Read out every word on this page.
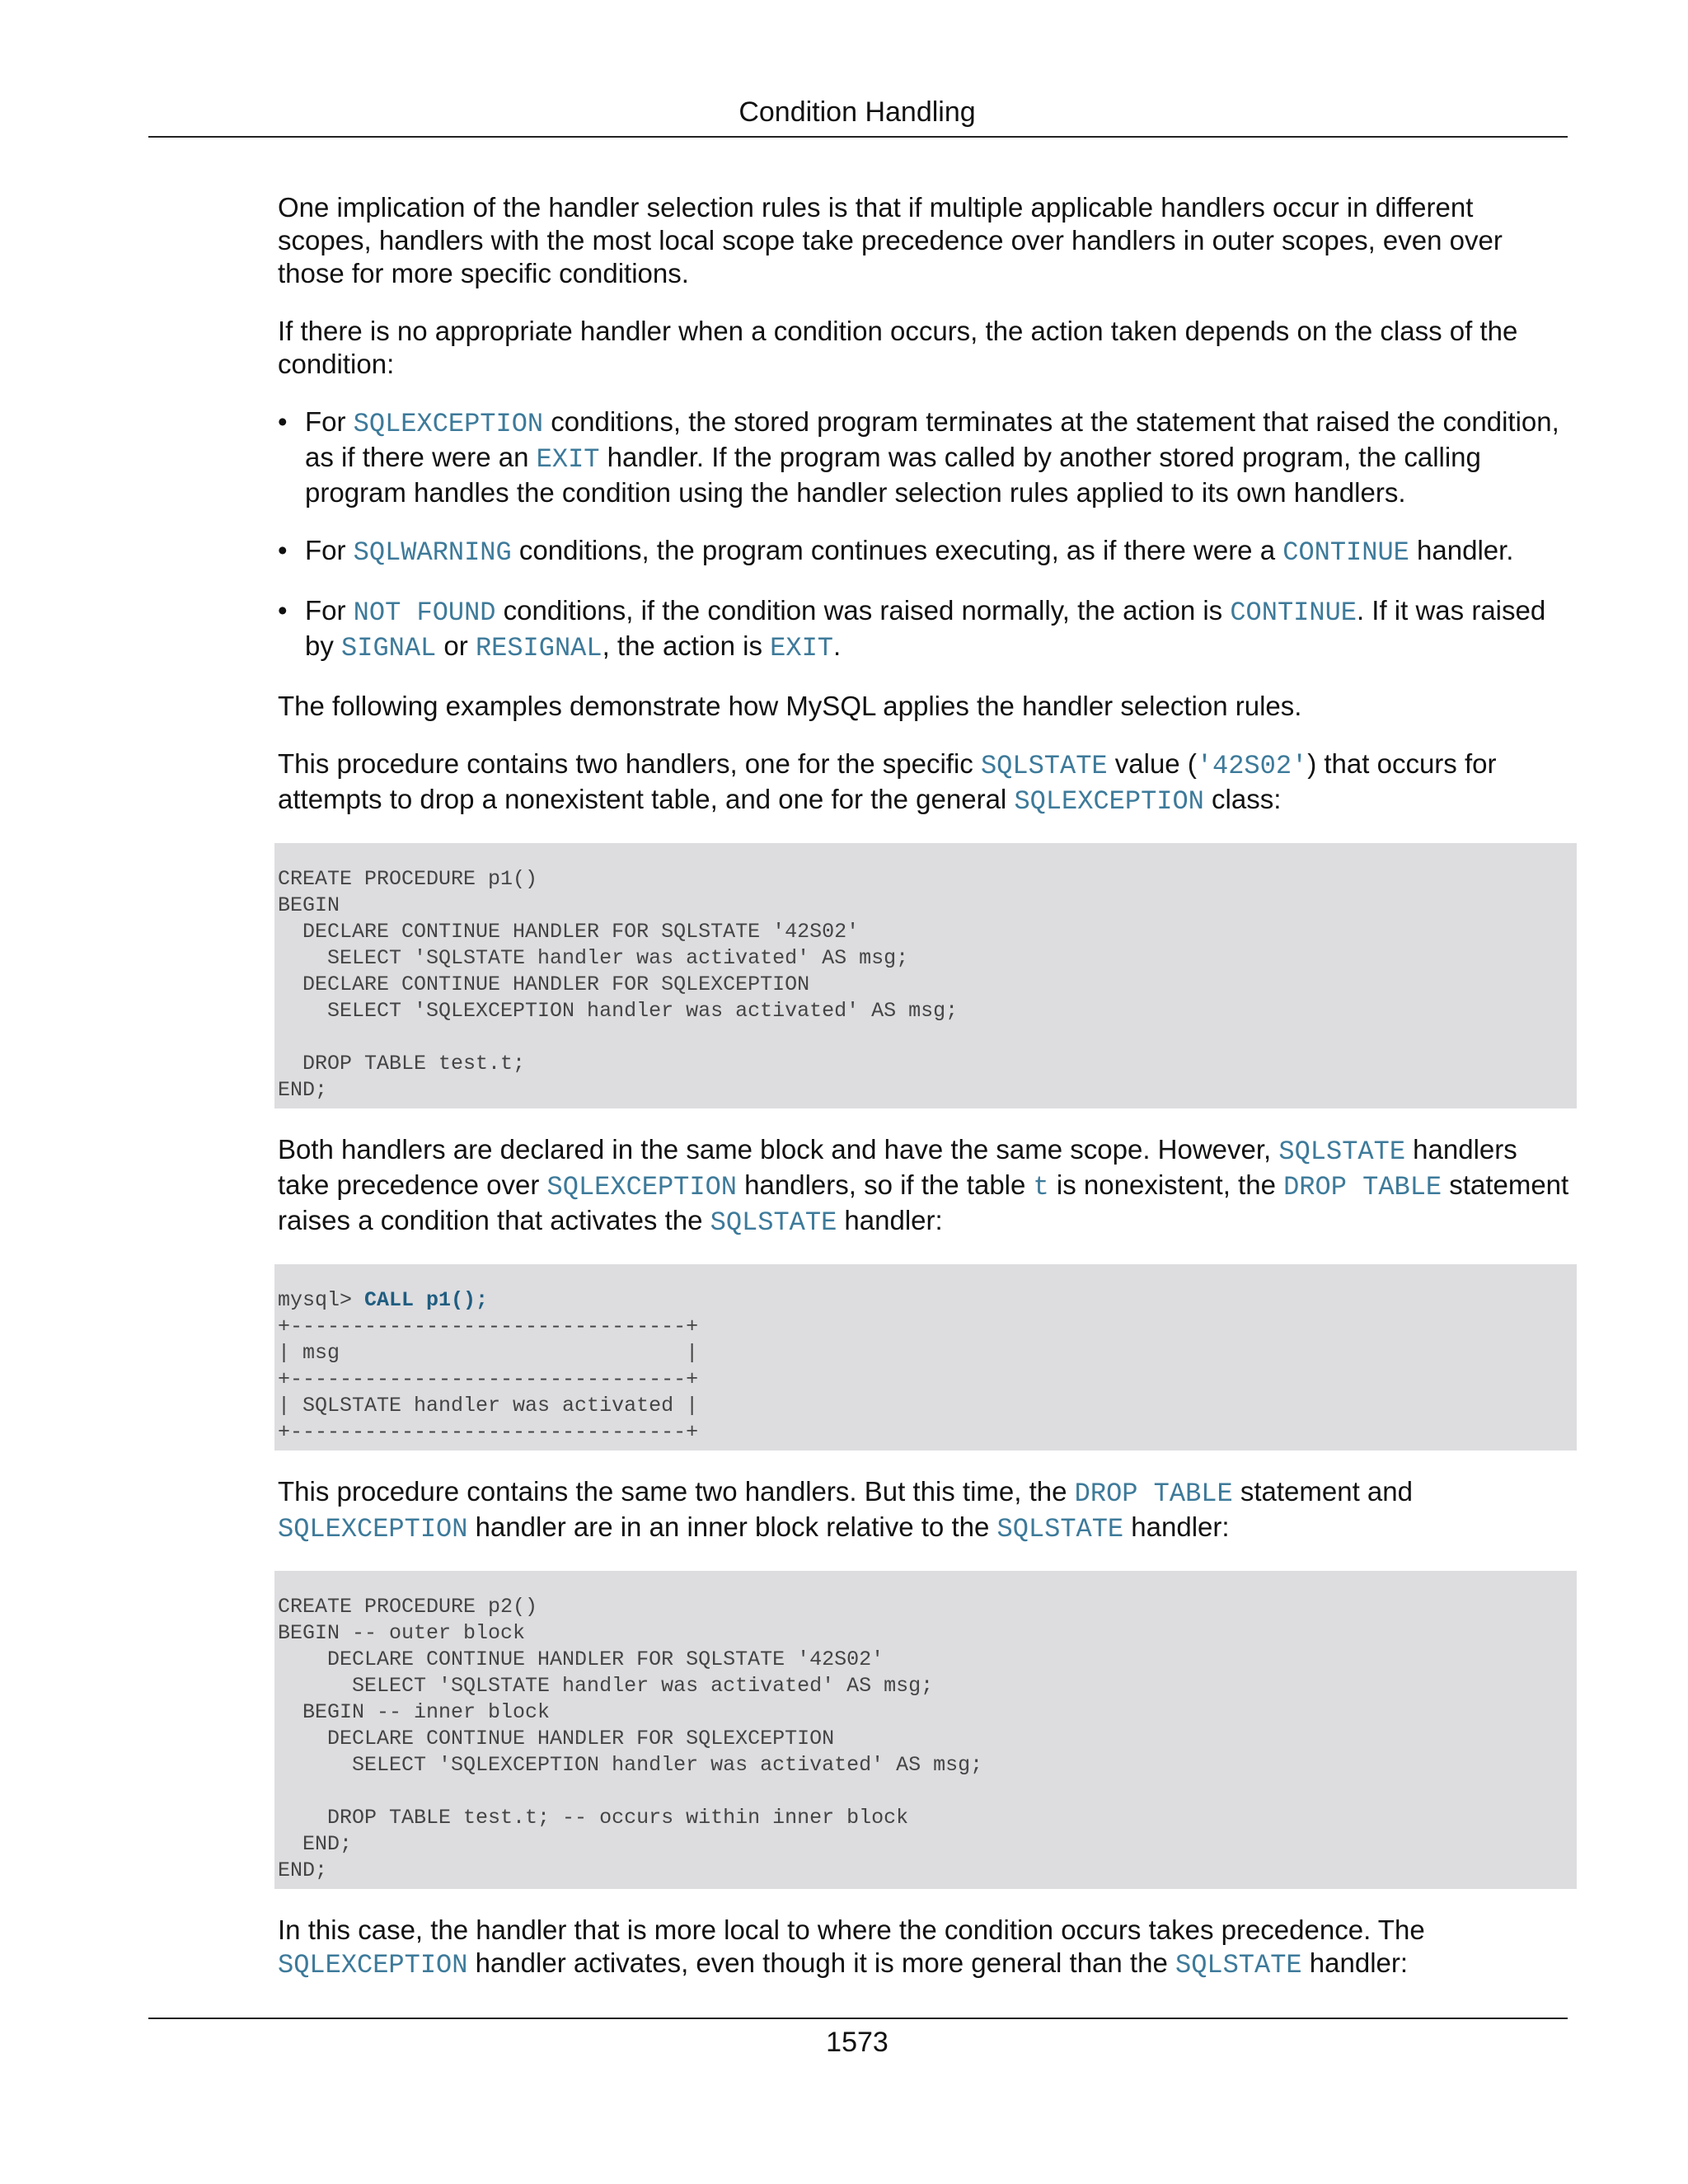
Condition Handling

One implication of the handler selection rules is that if multiple applicable handlers occur in different scopes, handlers with the most local scope take precedence over handlers in outer scopes, even over those for more specific conditions.

If there is no appropriate handler when a condition occurs, the action taken depends on the class of the condition:

• For SQLEXCEPTION conditions, the stored program terminates at the statement that raised the condition, as if there were an EXIT handler. If the program was called by another stored program, the calling program handles the condition using the handler selection rules applied to its own handlers.
• For SQLWARNING conditions, the program continues executing, as if there were a CONTINUE handler.
• For NOT FOUND conditions, if the condition was raised normally, the action is CONTINUE. If it was raised by SIGNAL or RESIGNAL, the action is EXIT.

The following examples demonstrate how MySQL applies the handler selection rules.

This procedure contains two handlers, one for the specific SQLSTATE value ('42S02') that occurs for attempts to drop a nonexistent table, and one for the general SQLEXCEPTION class:

CREATE PROCEDURE p1()
BEGIN
DECLARE CONTINUE HANDLER FOR SQLSTATE '42S02'
SELECT 'SQLSTATE handler was activated' AS msg;
DECLARE CONTINUE HANDLER FOR SQLEXCEPTION
SELECT 'SQLEXCEPTION handler was activated' AS msg;

DROP TABLE test.t;
END;

Both handlers are declared in the same block and have the same scope. However, SQLSTATE handlers take precedence over SQLEXCEPTION handlers, so if the table t is nonexistent, the DROP TABLE statement raises a condition that activates the SQLSTATE handler:

mysql> CALL p1();
+--------------------------------+
| msg                            |
+--------------------------------+
| SQLSTATE handler was activated |
+--------------------------------+

This procedure contains the same two handlers. But this time, the DROP TABLE statement and SQLEXCEPTION handler are in an inner block relative to the SQLSTATE handler:

CREATE PROCEDURE p2()
BEGIN -- outer block
DECLARE CONTINUE HANDLER FOR SQLSTATE '42S02'
SELECT 'SQLSTATE handler was activated' AS msg;
BEGIN -- inner block
DECLARE CONTINUE HANDLER FOR SQLEXCEPTION
SELECT 'SQLEXCEPTION handler was activated' AS msg;

DROP TABLE test.t; -- occurs within inner block
END;
END;

In this case, the handler that is more local to where the condition occurs takes precedence. The SQLEXCEPTION handler activates, even though it is more general than the SQLSTATE handler:

1573
